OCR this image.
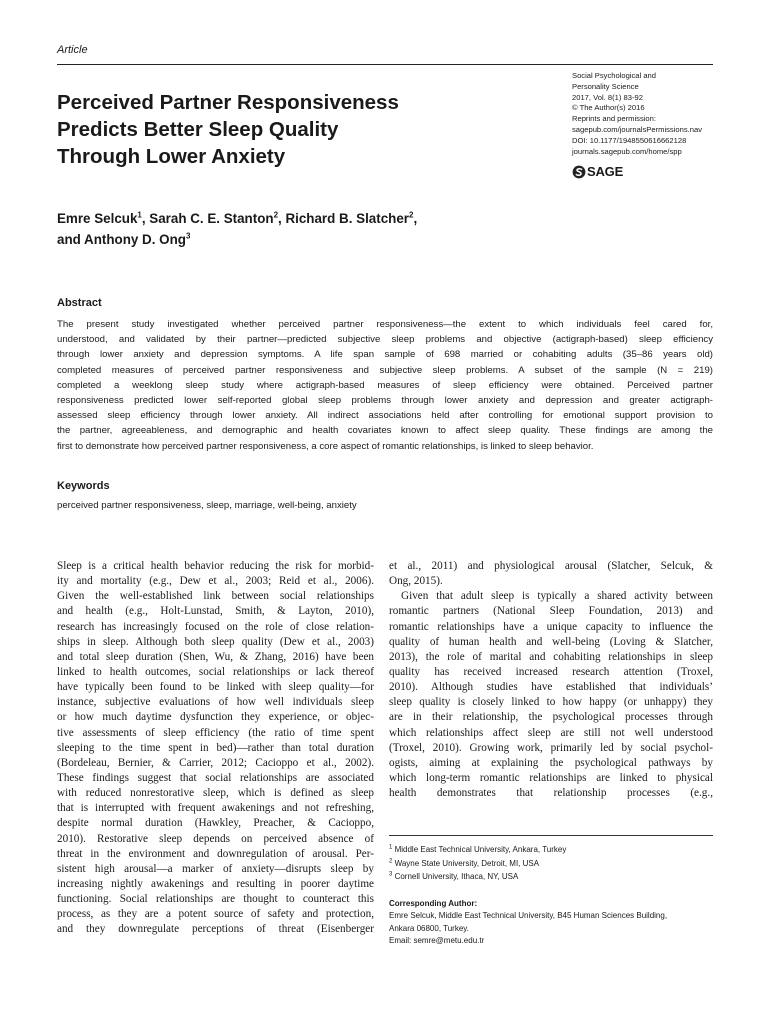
Article
Perceived Partner Responsiveness
Predicts Better Sleep Quality
Through Lower Anxiety
Social Psychological and
Personality Science
2017, Vol. 8(1) 83-92
© The Author(s) 2016
Reprints and permission:
sagepub.com/journalsPermissions.nav
DOI: 10.1177/1948550616662128
journals.sagepub.com/home/spp
SAGE
Emre Selcuk$^1$, Sarah C. E. Stanton$^2$, Richard B. Slatcher$^2$,
and Anthony D. Ong$^3$
Abstract
The present study investigated whether perceived partner responsiveness—the extent to which individuals feel cared for,
understood, and validated by their partner—predicted subjective sleep problems and objective (actigraph-based) sleep efficiency
through lower anxiety and depression symptoms. A life span sample of 698 married or cohabiting adults (35–86 years old)
completed measures of perceived partner responsiveness and subjective sleep problems. A subset of the sample (N = 219)
completed a weeklong sleep study where actigraph-based measures of sleep efficiency were obtained. Perceived partner
responsiveness predicted lower self-reported global sleep problems through lower anxiety and depression and greater actigraph-
assessed sleep efficiency through lower anxiety. All indirect associations held after controlling for emotional support provision to
the partner, agreeableness, and demographic and health covariates known to affect sleep quality. These findings are among the
first to demonstrate how perceived partner responsiveness, a core aspect of romantic relationships, is linked to sleep behavior.
Keywords
perceived partner responsiveness, sleep, marriage, well-being, anxiety
Sleep is a critical health behavior reducing the risk for morbid-
ity and mortality (e.g., Dew et al., 2003; Reid et al., 2006).
Given the well-established link between social relationships
and health (e.g., Holt-Lunstad, Smith, & Layton, 2010),
research has increasingly focused on the role of close relation-
ships in sleep. Although both sleep quality (Dew et al., 2003)
and total sleep duration (Shen, Wu, & Zhang, 2016) have been
linked to health outcomes, social relationships or lack thereof
have typically been found to be linked with sleep quality—for
instance, subjective evaluations of how well individuals sleep
or how much daytime dysfunction they experience, or objec-
tive assessments of sleep efficiency (the ratio of time spent
sleeping to the time spent in bed)—rather than total duration
(Bordeleau, Bernier, & Carrier, 2012; Cacioppo et al., 2002).
These findings suggest that social relationships are associated
with reduced nonrestorative sleep, which is defined as sleep
that is interrupted with frequent awakenings and not refreshing,
despite normal duration (Hawkley, Preacher, & Cacioppo,
2010). Restorative sleep depends on perceived absence of
threat in the environment and downregulation of arousal. Per-
sistent high arousal—a marker of anxiety—disrupts sleep by
increasing nightly awakenings and resulting in poorer daytime
functioning. Social relationships are thought to counteract this
process, as they are a potent source of safety and protection,
and they downregulate perceptions of threat (Eisenberger
et al., 2011) and physiological arousal (Slatcher, Selcuk, &
Ong, 2015).
Given that adult sleep is typically a shared activity between
romantic partners (National Sleep Foundation, 2013) and
romantic relationships have a unique capacity to influence the
quality of human health and well-being (Loving & Slatcher,
2013), the role of marital and cohabiting relationships in sleep
quality has received increased research attention (Troxel,
2010). Although studies have established that individuals’
sleep quality is closely linked to how happy (or unhappy) they
are in their relationship, the psychological processes through
which relationships affect sleep are still not well understood
(Troxel, 2010). Growing work, primarily led by social psychol-
ogists, aiming at explaining the psychological pathways by
which long-term romantic relationships are linked to physical
health demonstrates that relationship processes (e.g.,
$^1$ Middle East Technical University, Ankara, Turkey
$^2$ Wayne State University, Detroit, MI, USA
$^3$ Cornell University, Ithaca, NY, USA
Corresponding Author:
Emre Selcuk, Middle East Technical University, B45 Human Sciences Building,
Ankara 06800, Turkey.
Email: semre@metu.edu.tr
